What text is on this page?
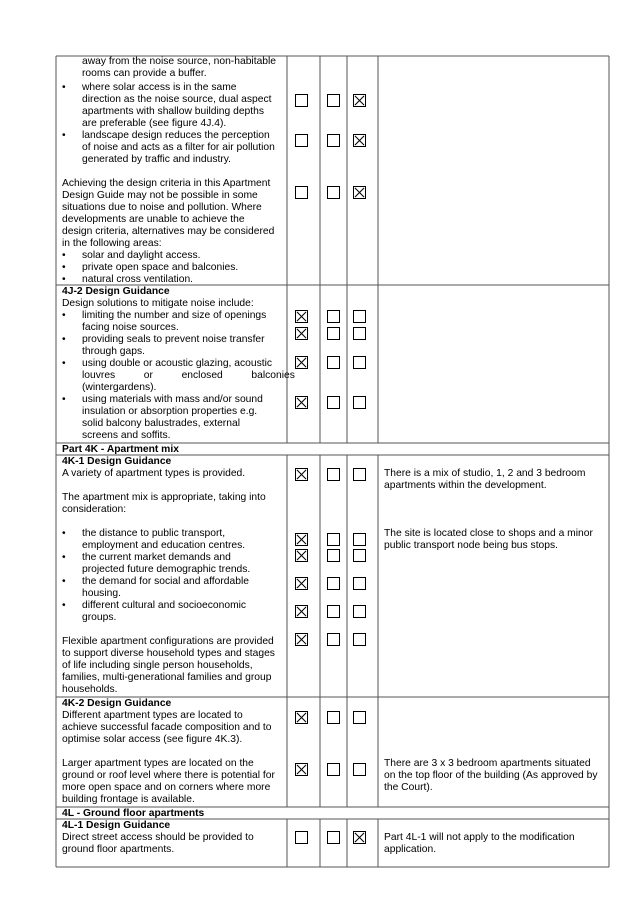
away from the noise source, non-habitable
rooms can provide a buffer.
• where solar access is in the same
direction as the noise source, dual aspect
apartments with shallow building depths
are preferable (see figure 4J.4).
• landscape design reduces the perception
of noise and acts as a filter for air pollution
generated by traffic and industry.
Achieving the design criteria in this Apartment
Design Guide may not be possible in some
situations due to noise and pollution. Where
developments are unable to achieve the
design criteria, alternatives may be considered
in the following areas:
• solar and daylight access.
• private open space and balconies.
• natural cross ventilation.
4J-2 Design Guidance
Design solutions to mitigate noise include:
• limiting the number and size of openings
facing noise sources.
• providing seals to prevent noise transfer
through gaps.
• using double or acoustic glazing, acoustic
louvres          or          enclosed          balconies
(wintergardens).
• using materials with mass and/or sound
insulation or absorption properties e.g.
solid balcony balustrades, external
screens and soffits.
Part 4K - Apartment mix
4K-1 Design Guidance
A variety of apartment types is provided.
The apartment mix is appropriate, taking into
consideration:
• the distance to public transport,
employment and education centres.
• the current market demands and
projected future demographic trends.
• the demand for social and affordable
housing.
• different cultural and socioeconomic
groups.
Flexible apartment configurations are provided
to support diverse household types and stages
of life including single person households,
families, multi-generational families and group
households.
There is a mix of studio, 1, 2 and 3 bedroom
apartments within the development.
The site is located close to shops and a minor
public transport node being bus stops.
4K-2 Design Guidance
Different apartment types are located to
achieve successful facade composition and to
optimise solar access (see figure 4K.3).
Larger apartment types are located on the
ground or roof level where there is potential for
more open space and on corners where more
building frontage is available.
There are 3 x 3 bedroom apartments situated
on the top floor of the building (As approved by
the Court).
4L - Ground floor apartments
4L-1 Design Guidance
Direct street access should be provided to
ground floor apartments.
Part 4L-1 will not apply to the modification
application.
